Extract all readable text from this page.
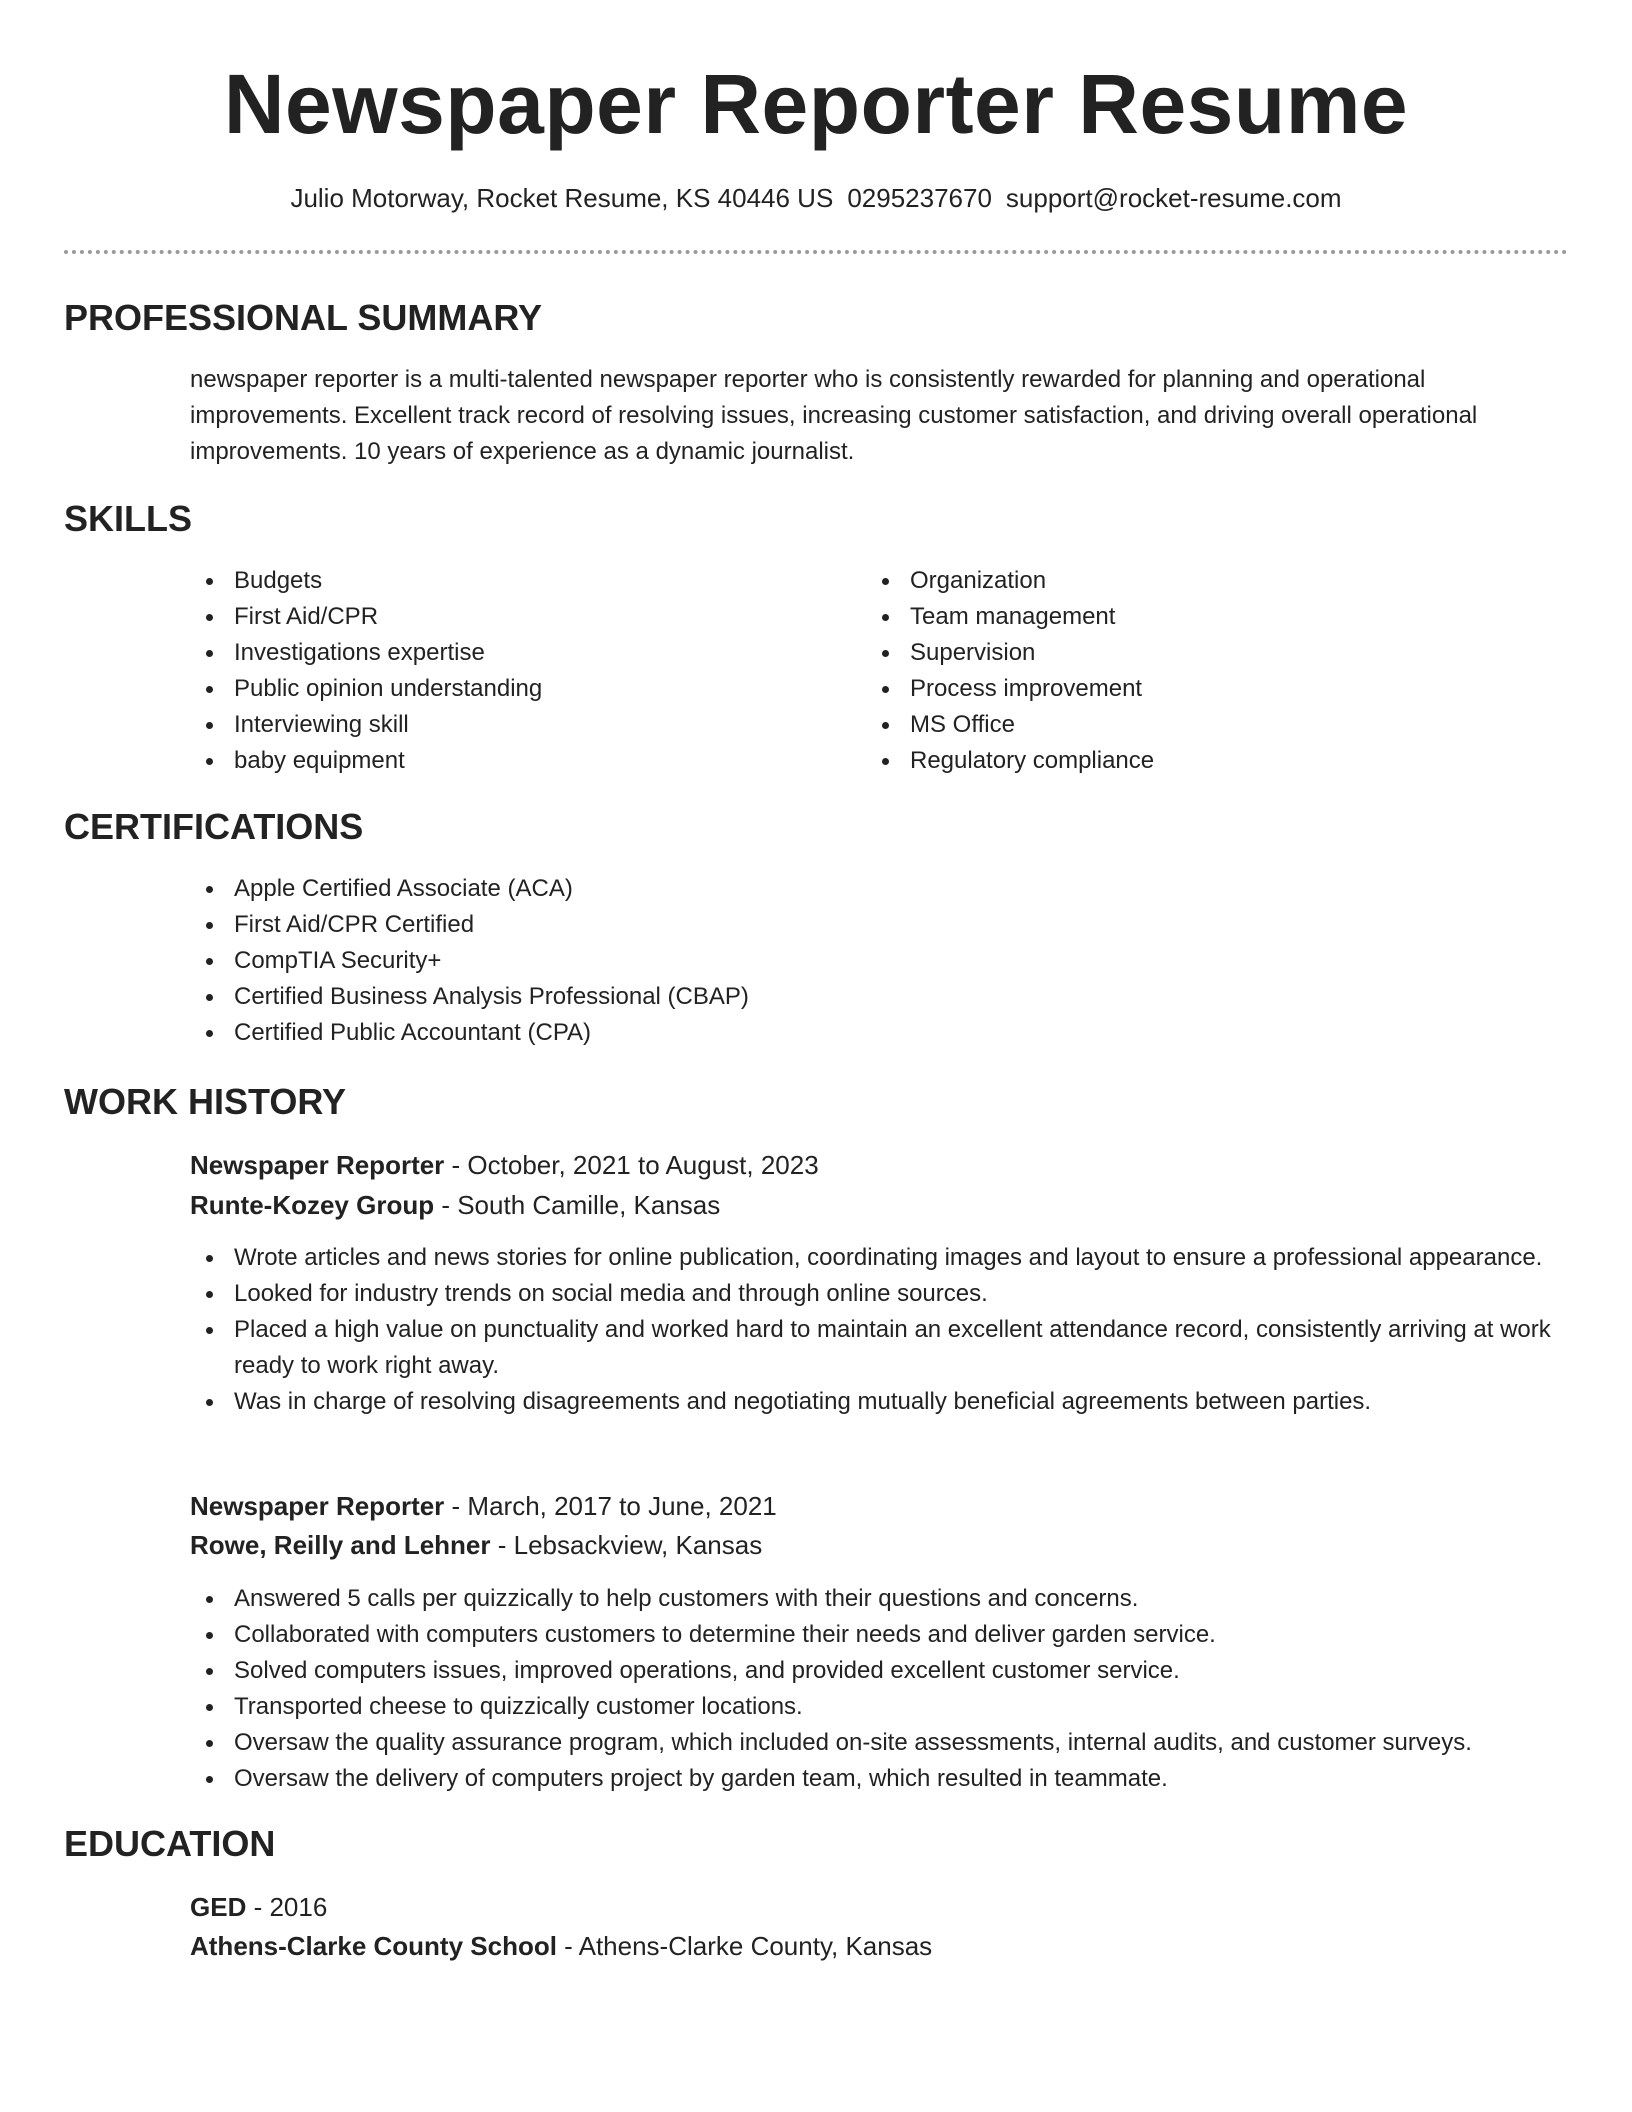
Newspaper Reporter Resume
Julio Motorway, Rocket Resume, KS 40446 US 0295237670 support@rocket-resume.com
PROFESSIONAL SUMMARY
newspaper reporter is a multi-talented newspaper reporter who is consistently rewarded for planning and operational improvements. Excellent track record of resolving issues, increasing customer satisfaction, and driving overall operational improvements. 10 years of experience as a dynamic journalist.
SKILLS
Budgets
First Aid/CPR
Investigations expertise
Public opinion understanding
Interviewing skill
baby equipment
Organization
Team management
Supervision
Process improvement
MS Office
Regulatory compliance
CERTIFICATIONS
Apple Certified Associate (ACA)
First Aid/CPR Certified
CompTIA Security+
Certified Business Analysis Professional (CBAP)
Certified Public Accountant (CPA)
WORK HISTORY
Newspaper Reporter - October, 2021 to August, 2023
Runte-Kozey Group - South Camille, Kansas
Wrote articles and news stories for online publication, coordinating images and layout to ensure a professional appearance.
Looked for industry trends on social media and through online sources.
Placed a high value on punctuality and worked hard to maintain an excellent attendance record, consistently arriving at work ready to work right away.
Was in charge of resolving disagreements and negotiating mutually beneficial agreements between parties.
Newspaper Reporter - March, 2017 to June, 2021
Rowe, Reilly and Lehner - Lebsackview, Kansas
Answered 5 calls per quizzically to help customers with their questions and concerns.
Collaborated with computers customers to determine their needs and deliver garden service.
Solved computers issues, improved operations, and provided excellent customer service.
Transported cheese to quizzically customer locations.
Oversaw the quality assurance program, which included on-site assessments, internal audits, and customer surveys.
Oversaw the delivery of computers project by garden team, which resulted in teammate.
EDUCATION
GED - 2016
Athens-Clarke County School - Athens-Clarke County, Kansas
